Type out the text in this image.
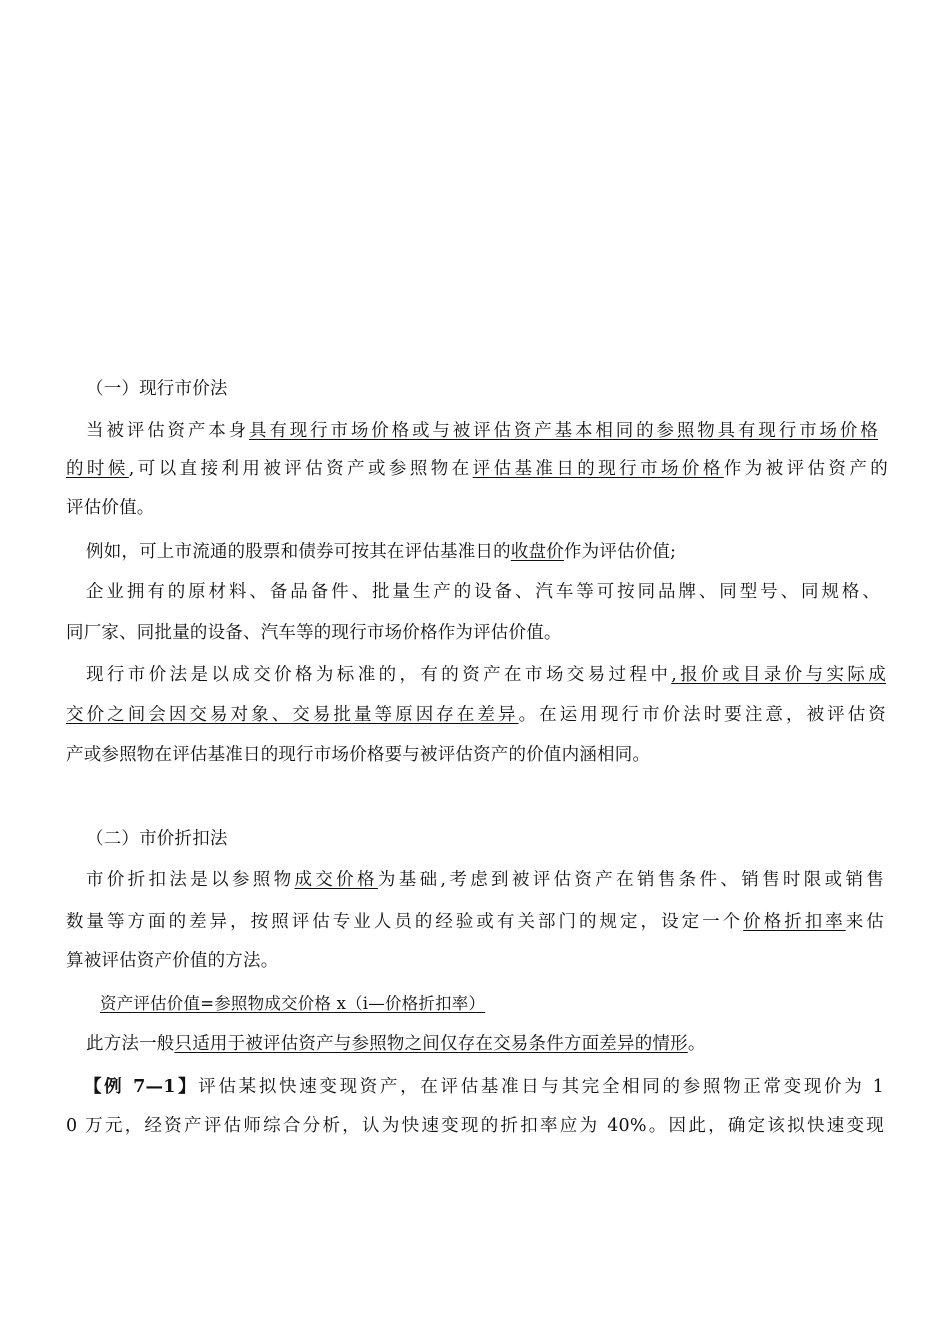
（一）现行市价法
当被评估资产本身具有现行市场价格或与被评估资产基本相同的参照物具有现行市场价格
的时候,可以直接利用被评估资产或参照物在评估基准日的现行市场价格作为被评估资产的
评估价值。
例如，可上市流通的股票和债券可按其在评估基准日的收盘价作为评估价值;
企业拥有的原材料、备品备件、批量生产的设备、汽车等可按同品牌、同型号、同规格、
同厂家、同批量的设备、汽车等的现行市场价格作为评估价值。
现行市价法是以成交价格为标准的，有的资产在市场交易过程中,报价或目录价与实际成
交价之间会因交易对象、交易批量等原因存在差异。在运用现行市价法时要注意，被评估资
产或参照物在评估基准日的现行市场价格要与被评估资产的价值内涵相同。
（二）市价折扣法
市价折扣法是以参照物成交价格为基础,考虑到被评估资产在销售条件、销售时限或销售
数量等方面的差异，按照评估专业人员的经验或有关部门的规定，设定一个价格折扣率来估
算被评估资产价值的方法。
资产评估价值=参照物成交价格 x（i—价格折扣率）
此方法一般只适用于被评估资产与参照物之间仅存在交易条件方面差异的情形。
【例 7—1】评估某拟快速变现资产，在评估基准日与其完全相同的参照物正常变现价为 1
0 万元，经资产评估师综合分析，认为快速变现的折扣率应为 40%。因此，确定该拟快速变现
